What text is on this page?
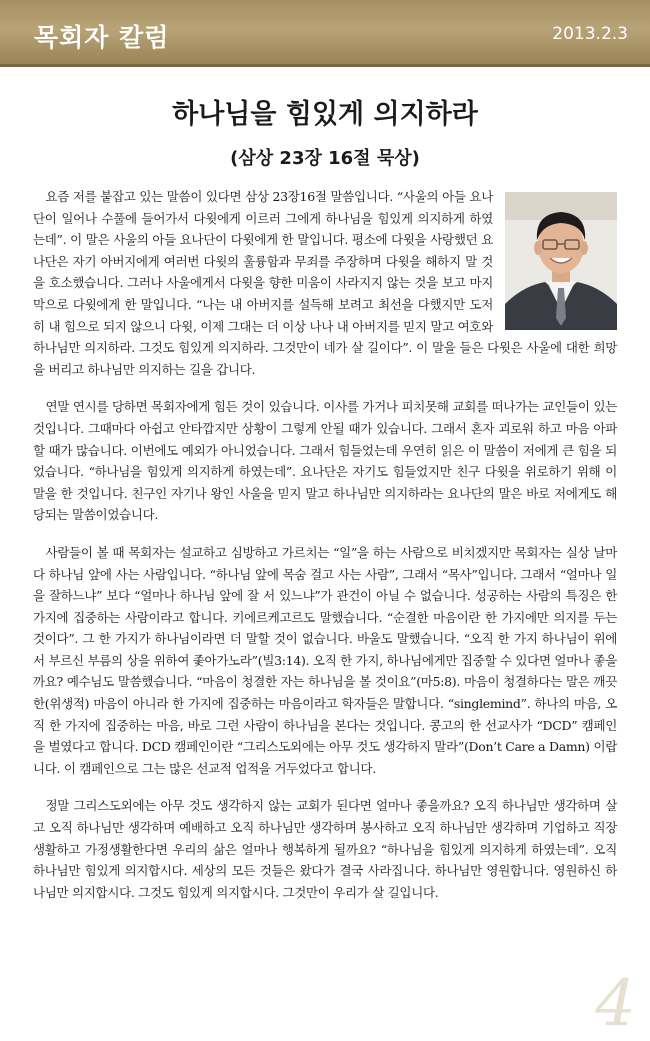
목회자 칼럼	2013.2.3
하나님을 힘있게 의지하라
(삼상 23장 16절 묵상)

요즘 저를 붙잡고 있는 말씀이 있다면 삼상 23장16절 말씀입니다. “사울의 아들 요나단이 일어나 수풀에 들어가서 다윗에게 이르러 그에게 하나님을 힘있게 의지하게 하였는데”. 이 말은 사울의 아들 요나단이 다윗에게 한 말입니다. 평소에 다윗을 사랑했던 요나단은 자기 아버지에게 여러번 다윗의 훌륭함과 무죄를 주장하며 다윗을 해하지 말 것을 호소했습니다. 그러나 사울에게서 다윗을 향한 미움이 사라지지 않는 것을 보고 마지막으로 다윗에게 한 말입니다. “나는 내 아버지를 설득해 보려고 최선을 다했지만 도저히 내 힘으로 되지 않으니 다윗, 이제 그대는 더 이상 나나 내 아버지를 믿지 말고 여호와 하나님만 의지하라. 그것도 힘있게 의지하라. 그것만이 네가 살 길이다”. 이 말을 들은 다윗은 사울에 대한 희망을 버리고 하나님만 의지하는 길을 갑니다.

연말 연시를 당하면 목회자에게 힘든 것이 있습니다. 이사를 가거나 피치못해 교회를 떠나가는 교인들이 있는 것입니다. 그때마다 아쉽고 안타깝지만 상황이 그렇게 안될 때가 있습니다. 그래서 혼자 괴로워 하고 마음 아파할 때가 많습니다. 이번에도 예외가 아니었습니다. 그래서 힘들었는데 우연히 읽은 이 말씀이 저에게 큰 힘을 되었습니다. “하나님을 힘있게 의지하게 하였는데”. 요나단은 자기도 힘들었지만 친구 다윗을 위로하기 위해 이 말을 한 것입니다. 친구인 자기나 왕인 사울을 믿지 말고 하나님만 의지하라는 요나단의 말은 바로 저에게도 해당되는 말씀이었습니다.

사람들이 볼 때 목회자는 설교하고 심방하고 가르치는 “일”을 하는 사람으로 비치겠지만 목회자는 실상 날마다 하나님 앞에 사는 사람입니다. “하나님 앞에 목숨 걸고 사는 사람”, 그래서 “목사”입니다. 그래서 “얼마나 일을 잘하느냐” 보다 “얼마나 하나님 앞에 잘 서 있느냐”가 관건이 아닐 수 없습니다. 성공하는 사람의 특징은 한 가지에 집중하는 사람이라고 합니다. 키에르케고르도 말했습니다. “순결한 마음이란 한 가지에만 의지를 두는 것이다”. 그 한 가지가 하나님이라면 더 말할 것이 없습니다. 바울도 말했습니다. “오직 한 가지 하나님이 위에서 부르신 부름의 상을 위하여 좇아가노라”(빌3:14). 오직 한 가지, 하나님에게만 집중할 수 있다면 얼마나 좋을까요? 예수님도 말씀했습니다. “마음이 청결한 자는 하나님을 볼 것이요”(마5:8). 마음이 청결하다는 말은 깨끗한(위생적) 마음이 아니라 한 가지에 집중하는 마음이라고 학자들은 말합니다. “singlemind”. 하나의 마음, 오직 한 가지에 집중하는 마음, 바로 그런 사람이 하나님을 본다는 것입니다. 콩고의 한 선교사가 “DCD” 캠페인을 벌였다고 합니다. DCD 캠페인이란 “그리스도외에는 아무 것도 생각하지 말라”(Don’t Care a Damn) 이랍니다. 이 캠페인으로 그는 많은 선교적 업적을 거두었다고 합니다.

정말 그리스도외에는 아무 것도 생각하지 않는 교회가 된다면 얼마나 좋을까요? 오직 하나님만 생각하며 살고 오직 하나님만 생각하며 예배하고 오직 하나님만 생각하며 봉사하고 오직 하나님만 생각하며 기업하고 직장생활하고 가정생활한다면 우리의 삶은 얼마나 행복하게 될까요? “하나님을 힘있게 의지하게 하였는데”. 오직 하나님만 힘있게 의지합시다. 세상의 모든 것들은 왔다가 결국 사라집니다. 하나님만 영원합니다. 영원하신 하나님만 의지합시다. 그것도 힘있게 의지합시다. 그것만이 우리가 살 길입니다.

4
